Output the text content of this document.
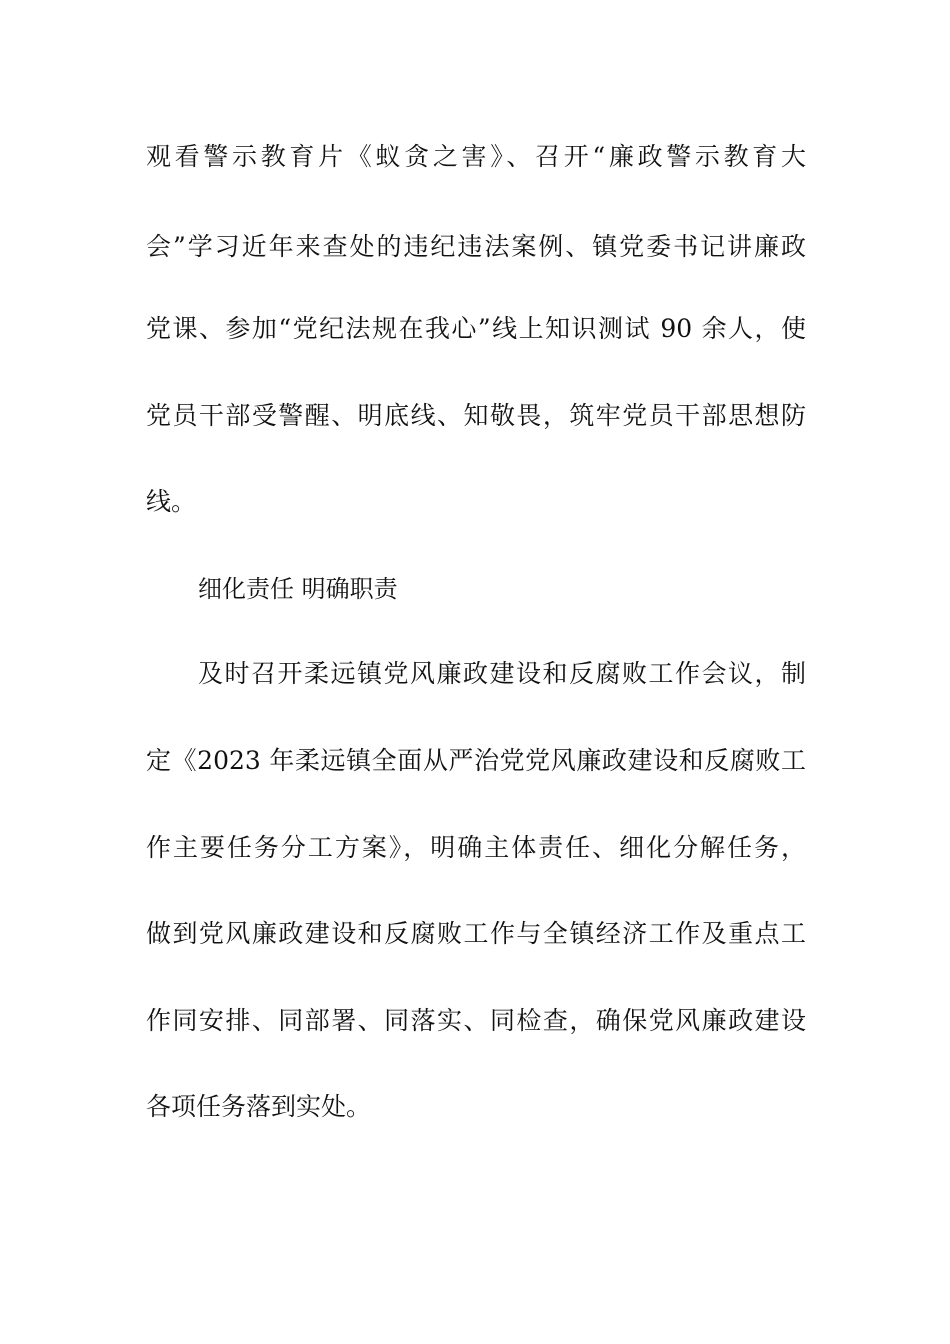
观看警示教育片《蚁贪之害》、召开“廉政警示教育大
会”学习近年来查处的违纪违法案例、镇党委书记讲廉政
党课、参加“党纪法规在我心”线上知识测试 90 余人，使
党员干部受警醒、明底线、知敬畏，筑牢党员干部思想防
线。
细化责任 明确职责
及时召开柔远镇党风廉政建设和反腐败工作会议，制
定《2023 年柔远镇全面从严治党党风廉政建设和反腐败工
作主要任务分工方案》，明确主体责任、细化分解任务，
做到党风廉政建设和反腐败工作与全镇经济工作及重点工
作同安排、同部署、同落实、同检查，确保党风廉政建设
各项任务落到实处。
